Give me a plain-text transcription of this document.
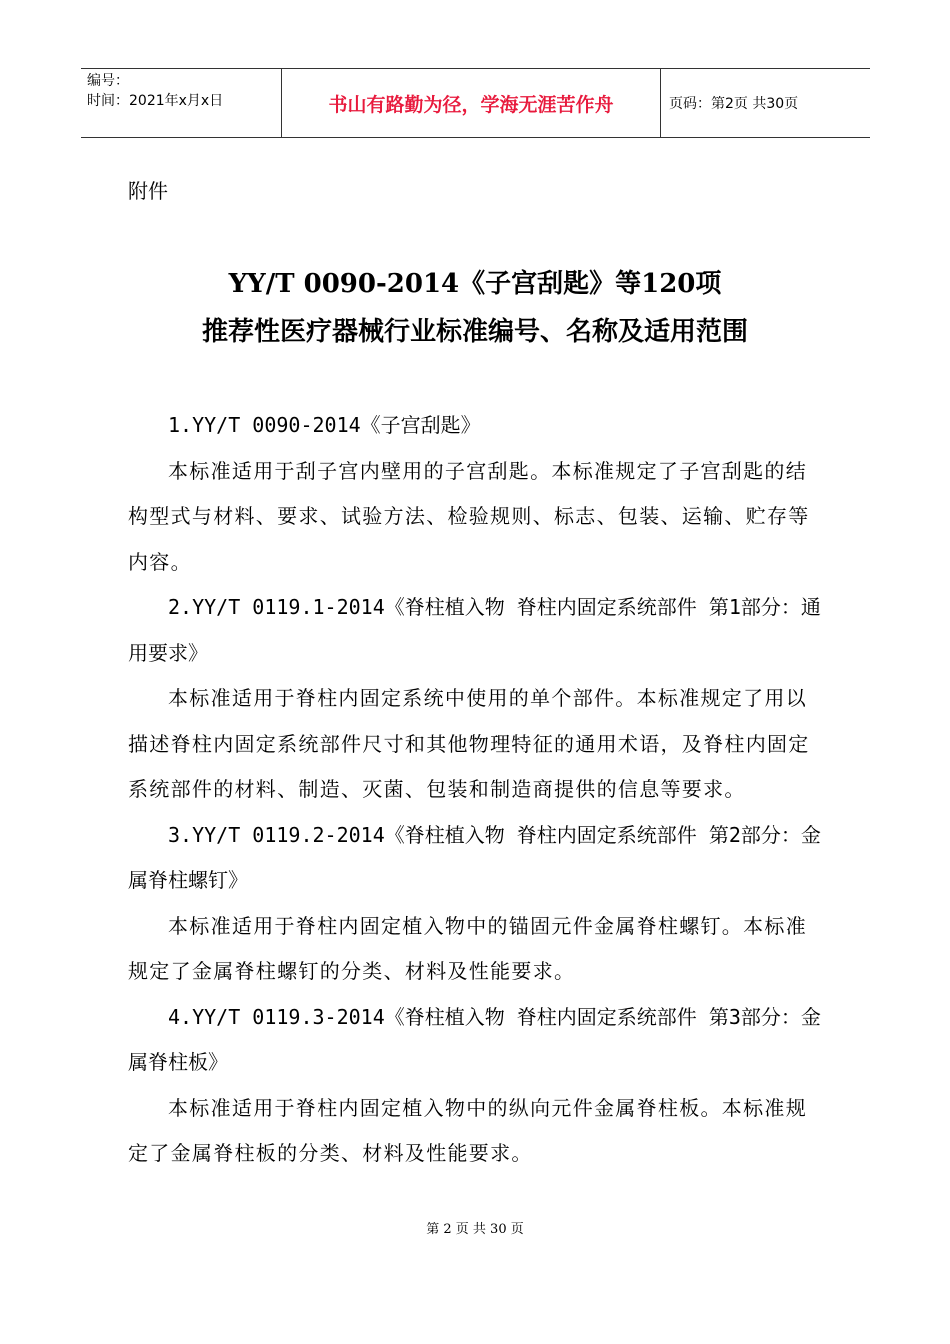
编号：
时间：2021年x月x日	书山有路勤为径，学海无涯苦作舟	页码：第2页 共30页
附件
YY/T 0090-2014《子宫刮匙》等120项
推荐性医疗器械行业标准编号、名称及适用范围

1.YY/T 0090-2014《子宫刮匙》

本标准适用于刮子宫内壁用的子宫刮匙。本标准规定了子宫刮匙的结构型式与材料、要求、试验方法、检验规则、标志、包装、运输、贮存等内容。

2.YY/T 0119.1-2014《脊柱植入物 脊柱内固定系统部件 第1部分：通用要求》

本标准适用于脊柱内固定系统中使用的单个部件。本标准规定了用以描述脊柱内固定系统部件尺寸和其他物理特征的通用术语，及脊柱内固定系统部件的材料、制造、灭菌、包装和制造商提供的信息等要求。

3.YY/T 0119.2-2014《脊柱植入物 脊柱内固定系统部件 第2部分：金属脊柱螺钉》

本标准适用于脊柱内固定植入物中的锚固元件金属脊柱螺钉。本标准规定了金属脊柱螺钉的分类、材料及性能要求。

4.YY/T 0119.3-2014《脊柱植入物 脊柱内固定系统部件 第3部分：金属脊柱板》

本标准适用于脊柱内固定植入物中的纵向元件金属脊柱板。本标准规定了金属脊柱板的分类、材料及性能要求。

第 2 页 共 30 页
